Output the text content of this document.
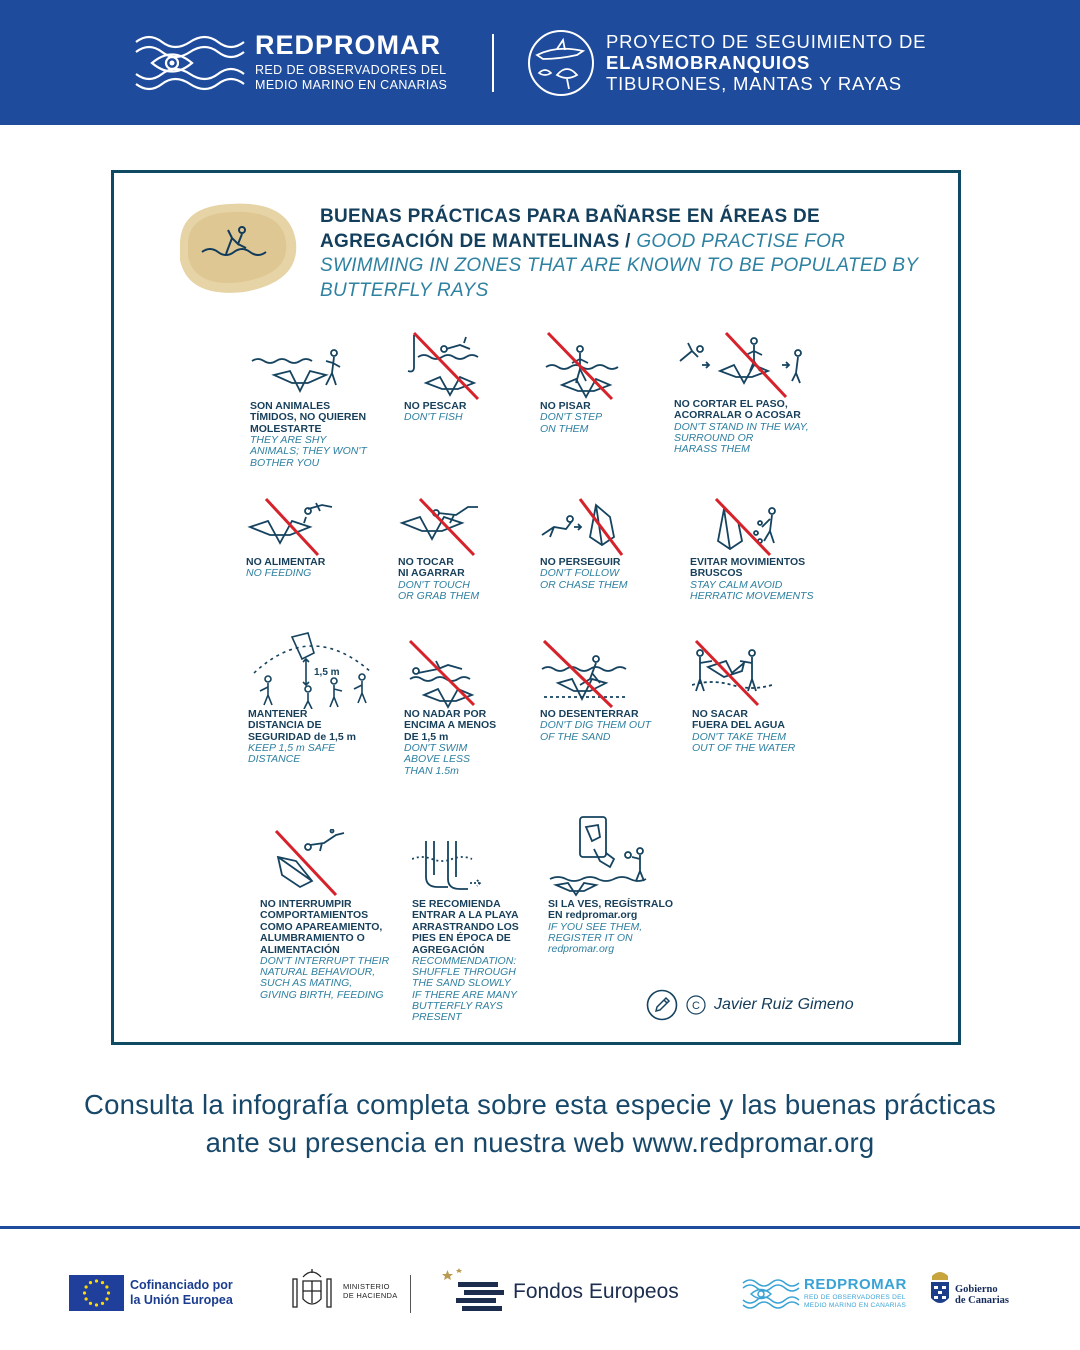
REDPROMAR
RED DE OBSERVADORES DEL
MEDIO MARINO EN CANARIAS
PROYECTO DE SEGUIMIENTO DE
ELASMOBRANQUIOS
TIBURONES, MANTAS Y RAYAS
BUENAS PRÁCTICAS PARA BAÑARSE EN ÁREAS DE AGREGACIÓN DE MANTELINAS / GOOD PRACTISE FOR SWIMMING IN ZONES THAT ARE KNOWN TO BE POPULATED BY BUTTERFLY RAYS

SON ANIMALES
TÍMIDOS, NO QUIEREN
MOLESTARTE

THEY ARE SHY
ANIMALS; THEY WON'T
BOTHER YOU

NO PESCAR

DON'T FISH

NO PISAR

DON'T STEP
ON THEM

NO CORTAR EL PASO,
ACORRALAR O ACOSAR

DON'T STAND IN THE WAY,
SURROUND OR
HARASS THEM

NO ALIMENTAR

NO FEEDING

NO TOCAR
NI AGARRAR

DON'T TOUCH
OR GRAB THEM

NO PERSEGUIR

DON'T FOLLOW
OR CHASE THEM

EVITAR MOVIMIENTOS
BRUSCOS

STAY CALM AVOID
HERRATIC MOVEMENTS

1,5 m

MANTENER
DISTANCIA DE
SEGURIDAD de 1,5 m

KEEP 1,5 m SAFE
DISTANCE

NO NADAR POR
ENCIMA A MENOS
DE 1,5 m

DON'T SWIM
ABOVE LESS
THAN 1.5m

NO DESENTERRAR

DON'T DIG THEM OUT
OF THE SAND

NO SACAR
FUERA DEL AGUA

DON'T TAKE THEM
OUT OF THE WATER

NO INTERRUMPIR
COMPORTAMIENTOS
COMO APAREAMIENTO,
ALUMBRAMIENTO O
ALIMENTACIÓN

DON'T INTERRUPT THEIR
NATURAL BEHAVIOUR,
SUCH AS MATING,
GIVING BIRTH, FEEDING

SE RECOMIENDA
ENTRAR A LA PLAYA
ARRASTRANDO LOS
PIES EN ÉPOCA DE
AGREGACIÓN

RECOMMENDATION:
SHUFFLE THROUGH
THE SAND SLOWLY
IF THERE ARE MANY
BUTTERFLY RAYS
PRESENT

SI LA VES, REGÍSTRALO
EN redpromar.org

IF YOU SEE THEM,
REGISTER IT ON
redpromar.org

C Javier Ruiz Gimeno
Consulta la infografía completa sobre esta especie y las buenas prácticas ante su presencia en nuestra web www.redpromar.org
Cofinanciado por
la Unión Europea
MINISTERIO
DE HACIENDA	Fondos Europeos	REDPROMAR
RED DE OBSERVADORES DEL
MEDIO MARINO EN CANARIAS
Gobierno
de Canarias
